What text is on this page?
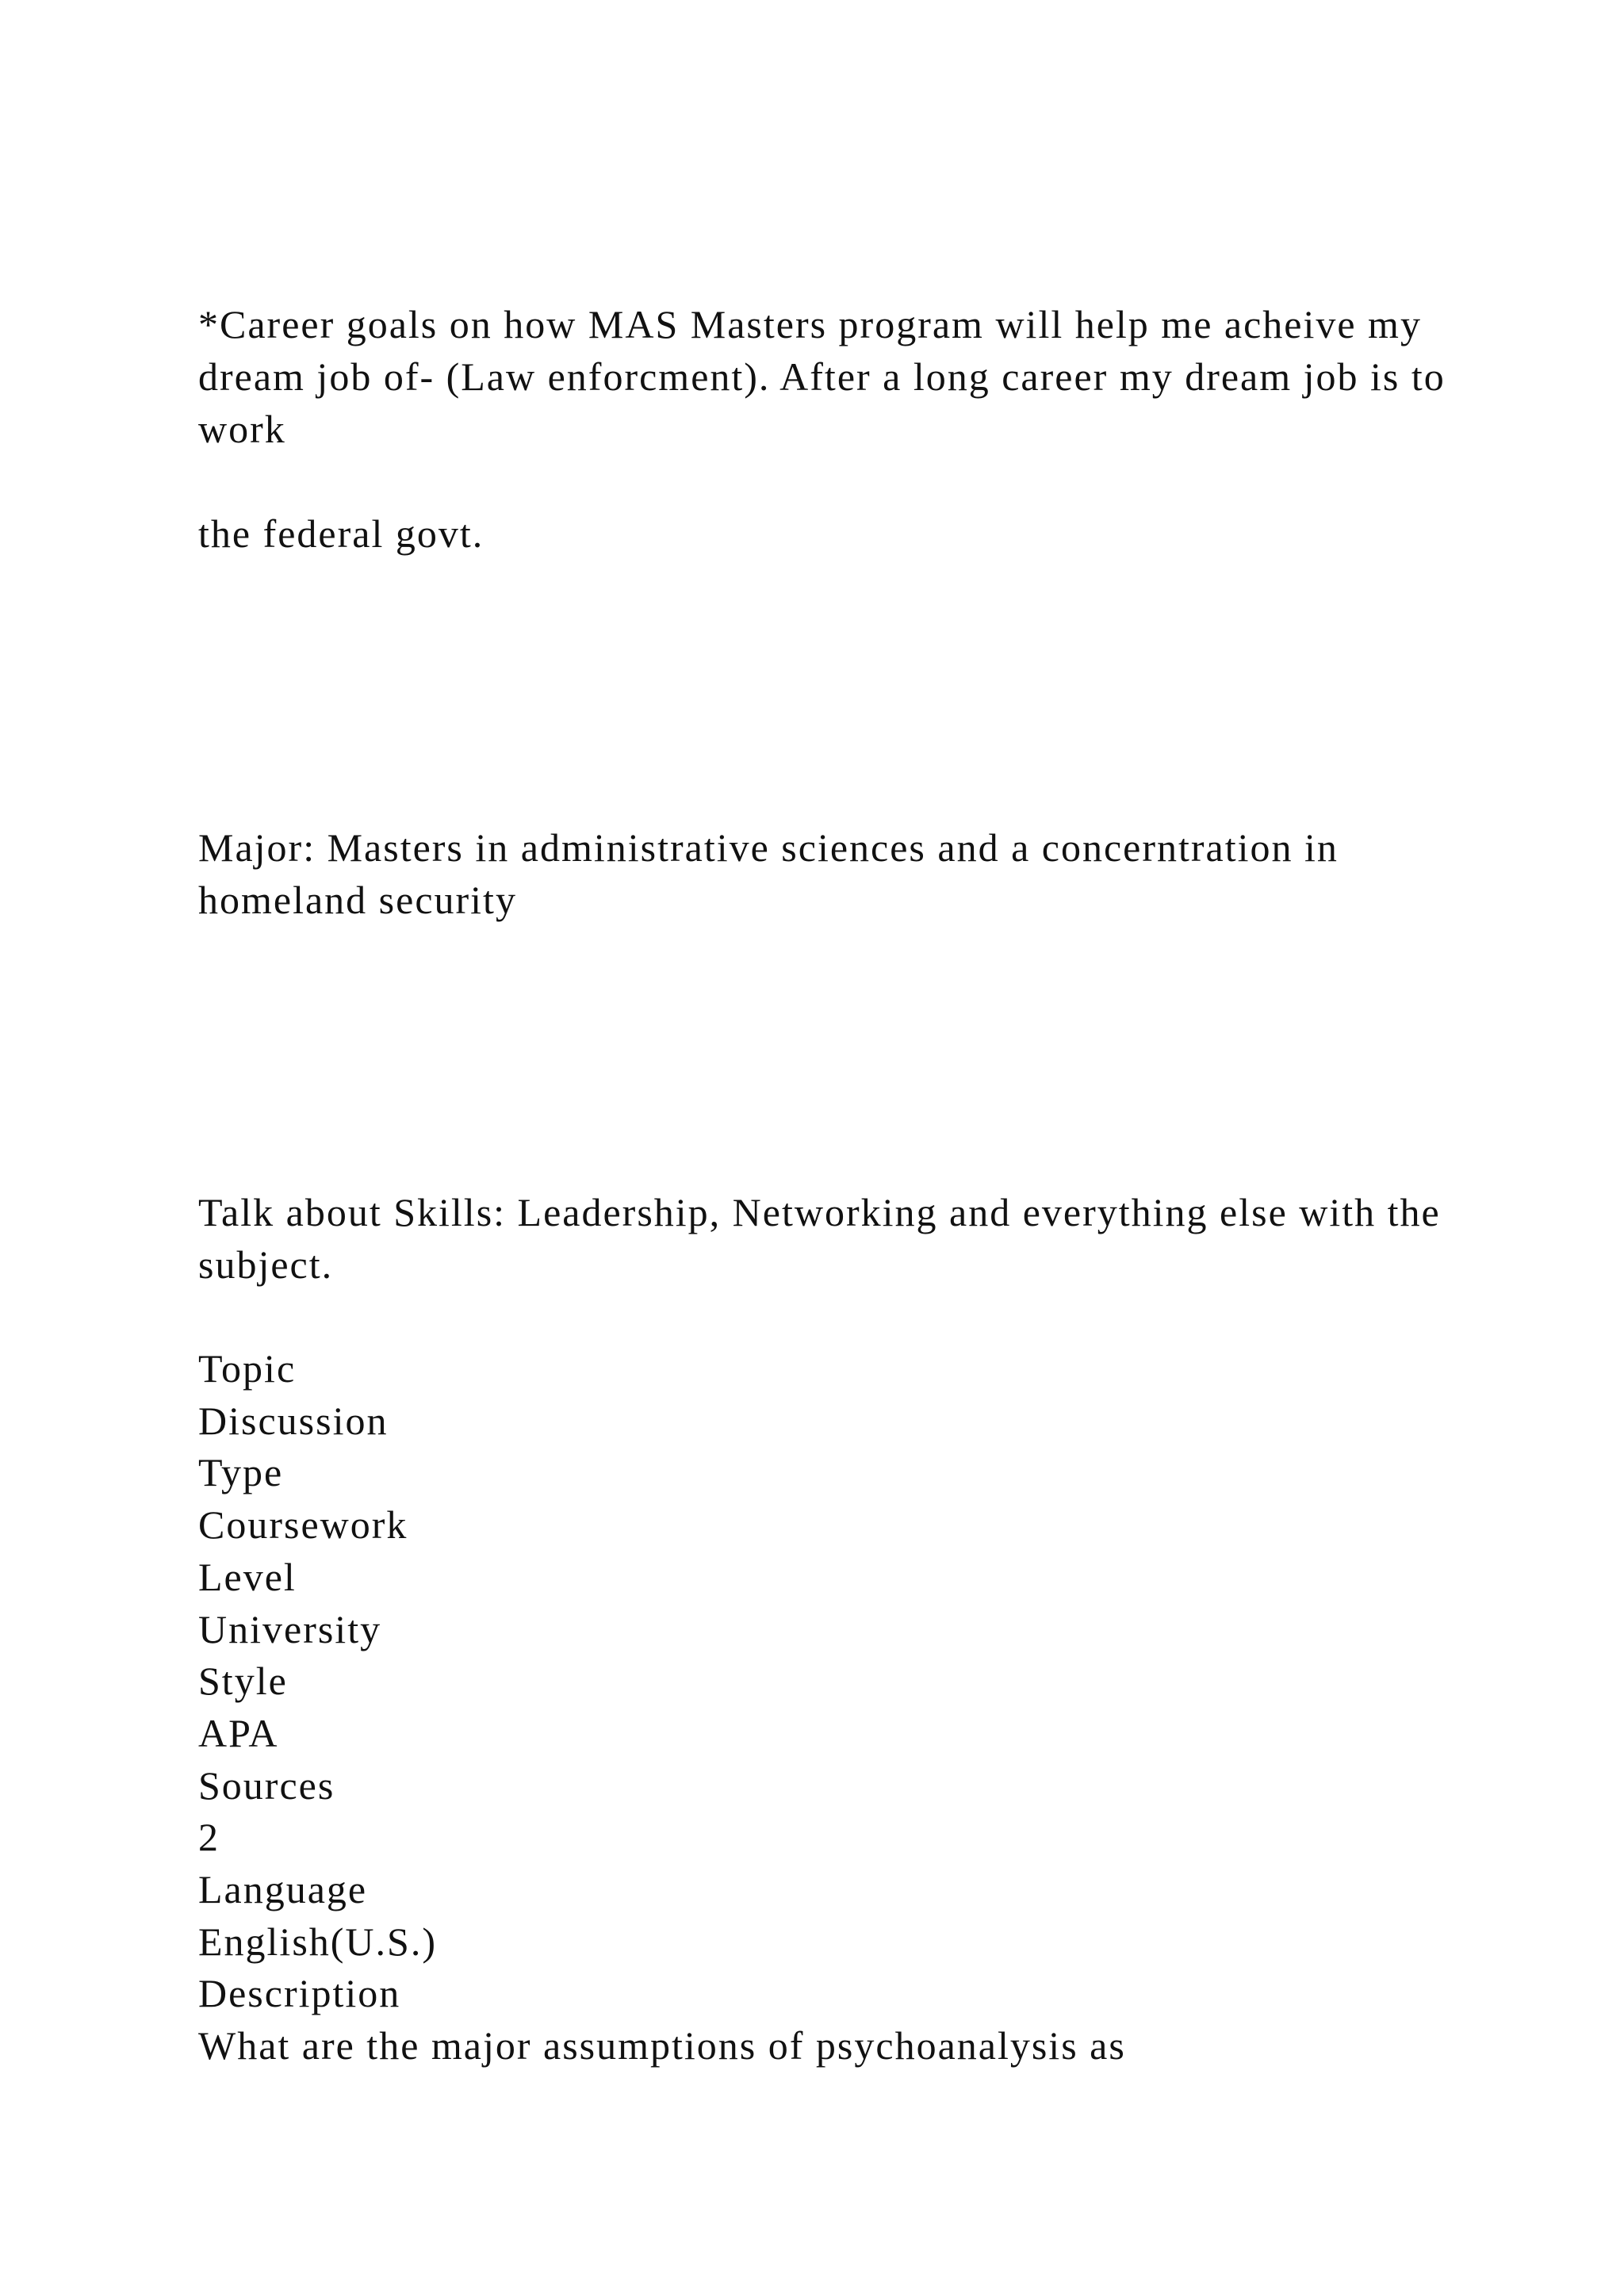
*Career goals on how MAS Masters program will help me acheive my dream job of- (Law enforcment). After a long career my dream job is to work

the federal govt.

Major: Masters in administrative sciences and a concerntration in homeland security

Talk about Skills: Leadership, Networking and everything else with the subject.

Topic
Discussion
Type
Coursework
Level
University
Style
APA
Sources
2
Language
English(U.S.)
Description
What are the major assumptions of psychoanalysis as
